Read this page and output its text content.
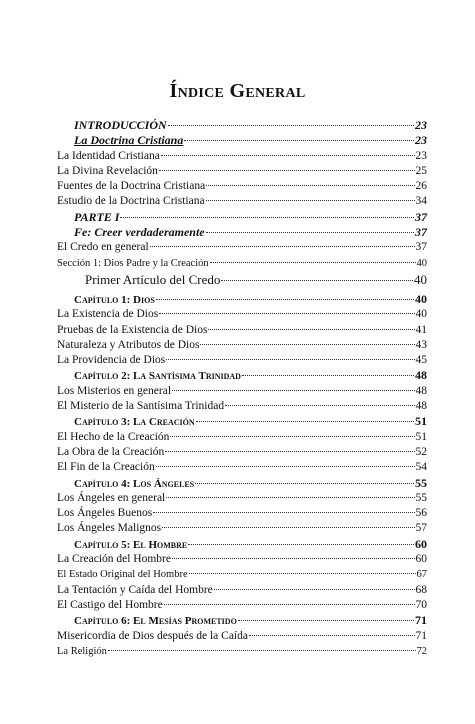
Índice General
INTRODUCCIÓN	23
La Doctrina Cristiana	23
La Identidad Cristiana	23
La Divina Revelación	25
Fuentes de la Doctrina Cristiana	26
Estudio de la Doctrina Cristiana	34
PARTE I	37
Fe: Creer verdaderamente	37
El Credo en general	37
Sección 1: Dios Padre y la Creación	40
Primer Artículo del Credo	40
Capítulo 1: Dios	40
La Existencia de Dios	40
Pruebas de la Existencia de Dios	41
Naturaleza y Atributos de Dios	43
La Providencia de Dios	45
Capítulo 2: La Santísima Trinidad	48
Los Misterios en general	48
El Misterio de la Santísima Trinidad	48
Capítulo 3: La Creación	51
El Hecho de la Creación	51
La Obra de la Creación	52
El Fin de la Creación	54
Capítulo 4: Los Ángeles	55
Los Ángeles en general	55
Los Ángeles Buenos	56
Los Ángeles Malignos	57
Capítulo 5: El Hombre	60
La Creación del Hombre	60
El Estado Original del Hombre	67
La Tentación y Caída del Hombre	68
El Castigo del Hombre	70
Capítulo 6: El Mesías Prometido	71
Misericordia de Dios después de la Caída	71
La Religión	72
